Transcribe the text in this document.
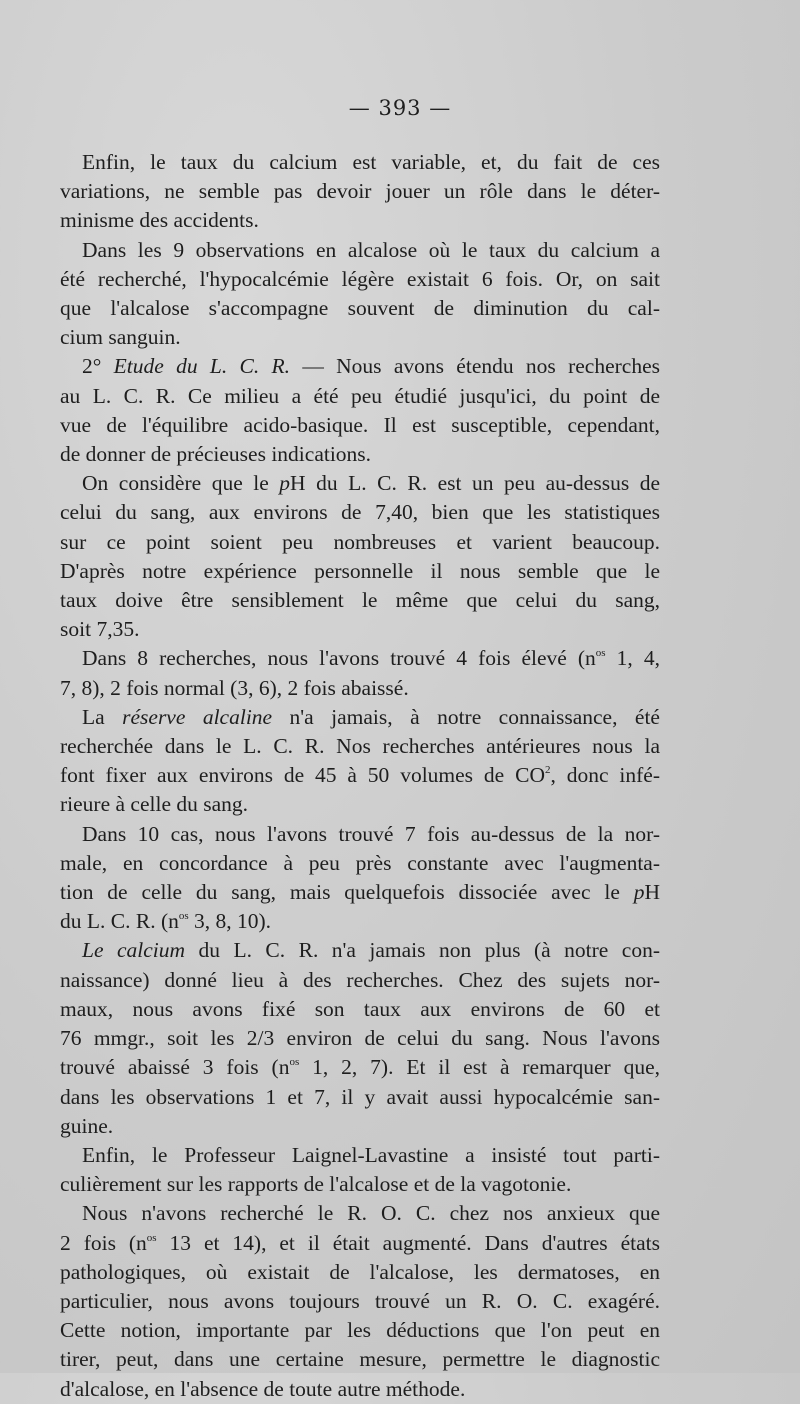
— 393 —
Enfin, le taux du calcium est variable, et, du fait de ces
variations, ne semble pas devoir jouer un rôle dans le déter-
minisme des accidents.
Dans les 9 observations en alcalose où le taux du calcium a
été recherché, l'hypocalcémie légère existait 6 fois. Or, on sait
que l'alcalose s'accompagne souvent de diminution du cal-
cium sanguin.
2° Etude du L. C. R. — Nous avons étendu nos recherches
au L. C. R. Ce milieu a été peu étudié jusqu'ici, du point de
vue de l'équilibre acido-basique. Il est susceptible, cependant,
de donner de précieuses indications.
On considère que le pH du L. C. R. est un peu au-dessus de
celui du sang, aux environs de 7,40, bien que les statistiques
sur ce point soient peu nombreuses et varient beaucoup.
D'après notre expérience personnelle il nous semble que le
taux doive être sensiblement le même que celui du sang,
soit 7,35.
Dans 8 recherches, nous l'avons trouvé 4 fois élevé ($n^{os}$ 1, 4,
7, 8), 2 fois normal (3, 6), 2 fois abaissé.
La réserve alcaline n'a jamais, à notre connaissance, été
recherchée dans le L. C. R. Nos recherches antérieures nous la
font fixer aux environs de 45 à 50 volumes de $CO^2$, donc infé-
rieure à celle du sang.
Dans 10 cas, nous l'avons trouvé 7 fois au-dessus de la nor-
male, en concordance à peu près constante avec l'augmenta-
tion de celle du sang, mais quelquefois dissociée avec le pH
du L. C. R. ($n^{os}$ 3, 8, 10).
Le calcium du L. C. R. n'a jamais non plus (à notre con-
naissance) donné lieu à des recherches. Chez des sujets nor-
maux, nous avons fixé son taux aux environs de 60 et
76 mmgr., soit les 2/3 environ de celui du sang. Nous l'avons
trouvé abaissé 3 fois ($n^{os}$ 1, 2, 7). Et il est à remarquer que,
dans les observations 1 et 7, il y avait aussi hypocalcémie san-
guine.
Enfin, le Professeur Laignel-Lavastine a insisté tout parti-
culièrement sur les rapports de l'alcalose et de la vagotonie.
Nous n'avons recherché le R. O. C. chez nos anxieux que
2 fois ($n^{os}$ 13 et 14), et il était augmenté. Dans d'autres états
pathologiques, où existait de l'alcalose, les dermatoses, en
particulier, nous avons toujours trouvé un R. O. C. exagéré.
Cette notion, importante par les déductions que l'on peut en
tirer, peut, dans une certaine mesure, permettre le diagnostic
d'alcalose, en l'absence de toute autre méthode.
